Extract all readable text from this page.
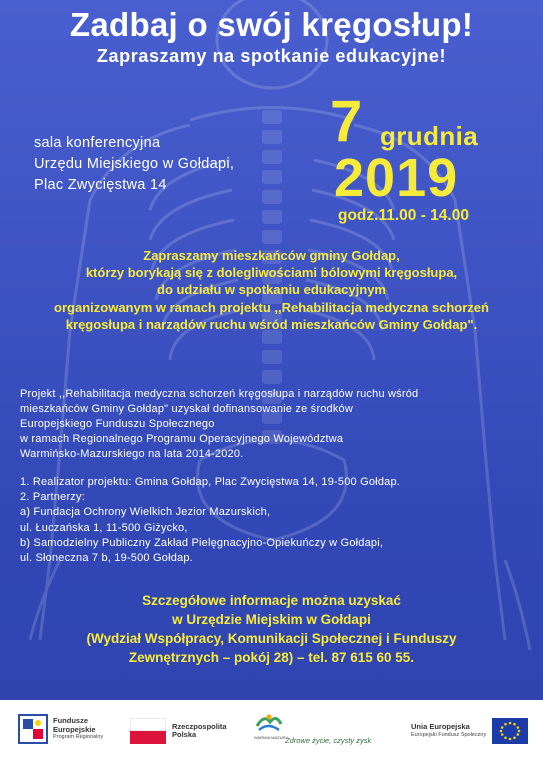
Zadbaj o swój kręgosłup!
Zapraszamy na spotkanie edukacyjne!
sala konferencyjna
Urzędu Miejskiego w Gołdapi,
Plac Zwycięstwa 14
7 grudnia
2019
godz.11.00 - 14.00
Zapraszamy mieszkańców gminy Gołdap,
którzy borykają się z dolegliwościami bólowymi kręgosłupa,
do udziału w spotkaniu edukacyjnym
organizowanym w ramach projektu ,,Rehabilitacja medyczna schorzeń
kręgosłupa i narządów ruchu wśród mieszkańców Gminy Gołdap".
Projekt ,,Rehabilitacja medyczna schorzeń kręgosłupa i narządów ruchu wśród
mieszkańców Gminy Gołdap" uzyskał dofinansowanie ze środków
Europejskiego Funduszu Społecznego
w ramach Regionalnego Programu Operacyjnego Województwa
Warmińsko-Mazurskiego na lata 2014-2020.
1. Realizator projektu: Gmina Gołdap, Plac Zwycięstwa 14, 19-500 Gołdap.
2. Partnerzy:
a) Fundacja Ochrony Wielkich Jezior Mazurskich,
ul. Łuczańska 1, 11-500 Giżycko,
b) Samodzielny Publiczny Zakład Pielęgnacyjno-Opiekuńczy w Gołdapi,
ul. Słoneczna 7 b, 19-500 Gołdap.
Szczegółowe informacje można uzyskać
w Urzędzie Miejskim w Gołdapi
(Wydział Współpracy, Komunikacji Społecznej i Funduszy
Zewnętrznych – pokój 28) – tel. 87 615 60 55.
Fundusze
Europejskie
Program Regionalny
Rzeczpospolita
Polska	WARMIA MAZURY
Zdrowe życie, czysty zysk
Unia Europejska
Europejski Fundusz Społeczny
